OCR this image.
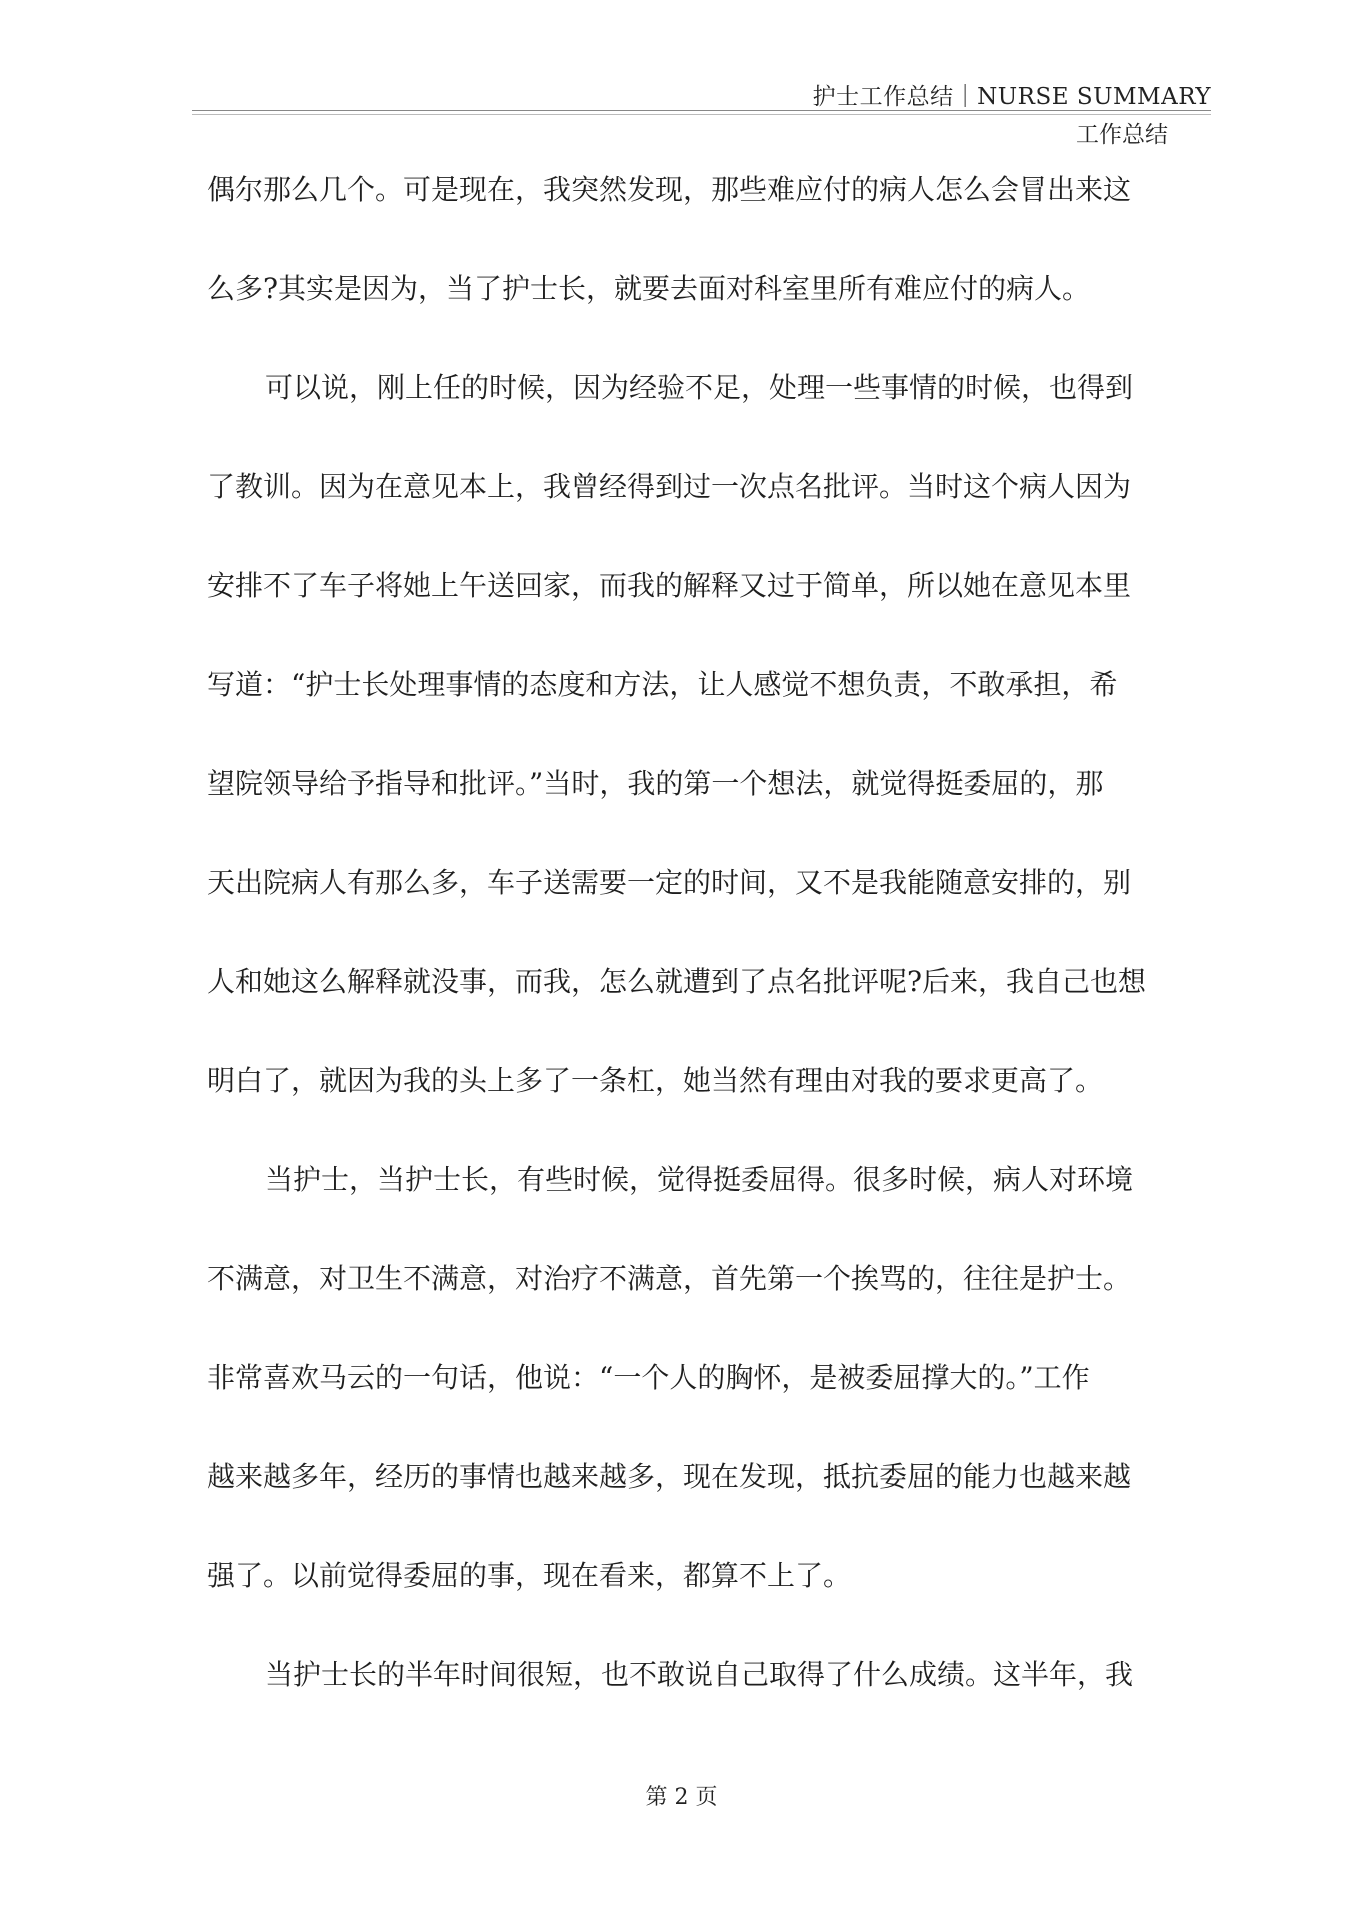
护士工作总结｜NURSE SUMMARY
工作总结
偶尔那么几个。可是现在，我突然发现，那些难应付的病人怎么会冒出来这
么多?其实是因为，当了护士长，就要去面对科室里所有难应付的病人。
可以说，刚上任的时候，因为经验不足，处理一些事情的时候，也得到
了教训。因为在意见本上，我曾经得到过一次点名批评。当时这个病人因为
安排不了车子将她上午送回家，而我的解释又过于简单，所以她在意见本里
写道：“护士长处理事情的态度和方法，让人感觉不想负责，不敢承担，希
望院领导给予指导和批评。”当时，我的第一个想法，就觉得挺委屈的，那
天出院病人有那么多，车子送需要一定的时间，又不是我能随意安排的，别
人和她这么解释就没事，而我，怎么就遭到了点名批评呢?后来，我自己也想
明白了，就因为我的头上多了一条杠，她当然有理由对我的要求更高了。
当护士，当护士长，有些时候，觉得挺委屈得。很多时候，病人对环境
不满意，对卫生不满意，对治疗不满意，首先第一个挨骂的，往往是护士。
非常喜欢马云的一句话，他说：“一个人的胸怀，是被委屈撑大的。”工作
越来越多年，经历的事情也越来越多，现在发现，抵抗委屈的能力也越来越
强了。以前觉得委屈的事，现在看来，都算不上了。
当护士长的半年时间很短，也不敢说自己取得了什么成绩。这半年，我
第 2 页
